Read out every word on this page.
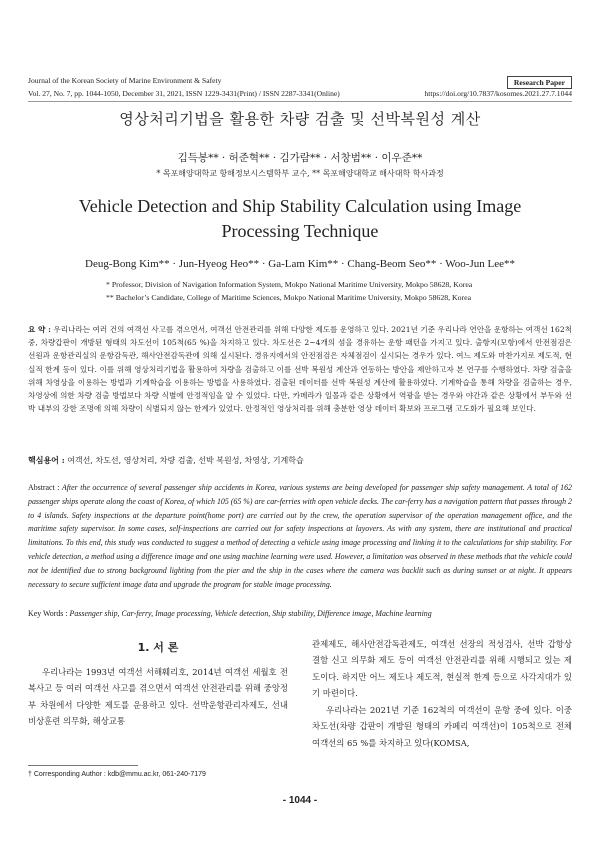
Journal of the Korean Society of Marine Environment & Safety	Research Paper
Vol. 27, No. 7, pp. 1044-1050, December 31, 2021, ISSN 1229-3431(Print) / ISSN 2287-3341(Online)	https://doi.org/10.7837/kosomes.2021.27.7.1044
영상처리기법을 활용한 차량 검출 및 선박복원성 계산
김득봉** · 허준혁** · 김가람** · 서창범** · 이우준**
* 목포해양대학교 항해정보시스템학부 교수, ** 목포해양대학교 해사대학 학사과정
Vehicle Detection and Ship Stability Calculation using Image Processing Technique
Deug-Bong Kim** · Jun-Hyeog Heo** · Ga-Lam Kim** · Chang-Beom Seo** · Woo-Jun Lee**
* Professor, Division of Navigation Information System, Mokpo National Maritime University, Mokpo 58628, Korea
** Bachelor’s Candidate, College of Maritime Sciences, Mokpo National Maritime University, Mokpo 58628, Korea
요 약 : 우리나라는 여러 건의 여객선 사고를 겪으면서, 여객선 안전관리를 위해 다양한 제도를 운영하고 있다. 2021년 기준 우리나라 연안을 운항하는 여객선 162척 중, 차량갑판이 개방된 형태의 차도선이 105척(65 %)을 차지하고 있다. 차도선은 2~4개의 섬을 경유하는 운항 패턴을 가지고 있다. 출항지(모항)에서 안전점검은 선원과 운항관리실의 운항감독관, 해사안전감독관에 의해 실시된다. 경유지에서의 안전점검은 자체점검이 실시되는 경우가 있다. 여느 제도와 마찬가지로 제도적, 현실적 한계 등이 있다. 이를 위해 영상처리기법을 활용하여 차량을 검출하고 이를 선박 복원성 계산과 연동하는 방안을 제안하고자 본 연구를 수행하였다. 차량 검출을 위해 차영상을 이용하는 방법과 기계학습을 이용하는 방법을 사용하였다. 검출된 데이터를 선박 복원성 계산에 활용하였다. 기계학습을 통해 차량을 검출하는 경우, 차영상에 의한 차량 검출 방법보다 차량 식별에 안정적임을 알 수 있었다. 다만, 카메라가 일몰과 같은 상황에서 역광을 받는 경우와 야간과 같은 상황에서 부두와 선박 내부의 강한 조명에 의해 차량이 식별되지 않는 한계가 있었다. 안정적인 영상처리를 위해 충분한 영상 데이터 확보와 프로그램 고도화가 필요해 보인다.
핵심용어 : 여객선, 차도선, 영상처리, 차량 검출, 선박 복원성, 차영상, 기계학습
Abstract : After the occurrence of several passenger ship accidents in Korea, various systems are being developed for passenger ship safety management. A total of 162 passenger ships operate along the coast of Korea, of which 105 (65 %) are car-ferries with open vehicle decks. The car-ferry has a navigation pattern that passes through 2 to 4 islands. Safety inspections at the departure point(home port) are carried out by the crew, the operation supervisor of the operation management office, and the maritime safety supervisor. In some cases, self-inspections are carried out for safety inspections at layovers. As with any system, there are institutional and practical limitations. To this end, this study was conducted to suggest a method of detecting a vehicle using image processing and linking it to the calculations for ship stability. For vehicle detection, a method using a difference image and one using machine learning were used. However, a limitation was observed in these methods that the vehicle could not be identified due to strong background lighting from the pier and the ship in the cases where the camera was backlit such as during sunset or at night. It appears necessary to secure sufficient image data and upgrade the program for stable image processing.
Key Words : Passenger ship, Car-ferry, Image processing, Vehicle detection, Ship stability, Difference image, Machine learning
1. 서 론
우리나라는 1993년 여객선 서해훼리호, 2014년 여객선 세월호 전복사고 등 여러 여객선 사고를 겪으면서 여객선 안전관리를 위해 중앙정부 차원에서 다양한 제도를 운용하고 있다. 선박운항관리자제도, 선내 비상훈련 의무화, 해상교통
관제제도, 해사안전감독관제도, 여객선 선장의 적성검사, 선박 갑항상 결함 신고 의무화 제도 등이 여객선 안전관리를 위해 시행되고 있는 제도이다. 하지만 어느 제도나 제도적, 현실적 한계 등으로 사각지대가 있기 마련이다.
우리나라는 2021년 기준 162척의 여객선이 운항 중에 있다. 이중 차도선(차량 갑판이 개방된 형태의 카페리 여객선)이 105척으로 전체 여객선의 65 %를 차지하고 있다(KOMSA,
† Corresponding Author : kdb@mmu.ac.kr, 061-240-7179
- 1044 -
